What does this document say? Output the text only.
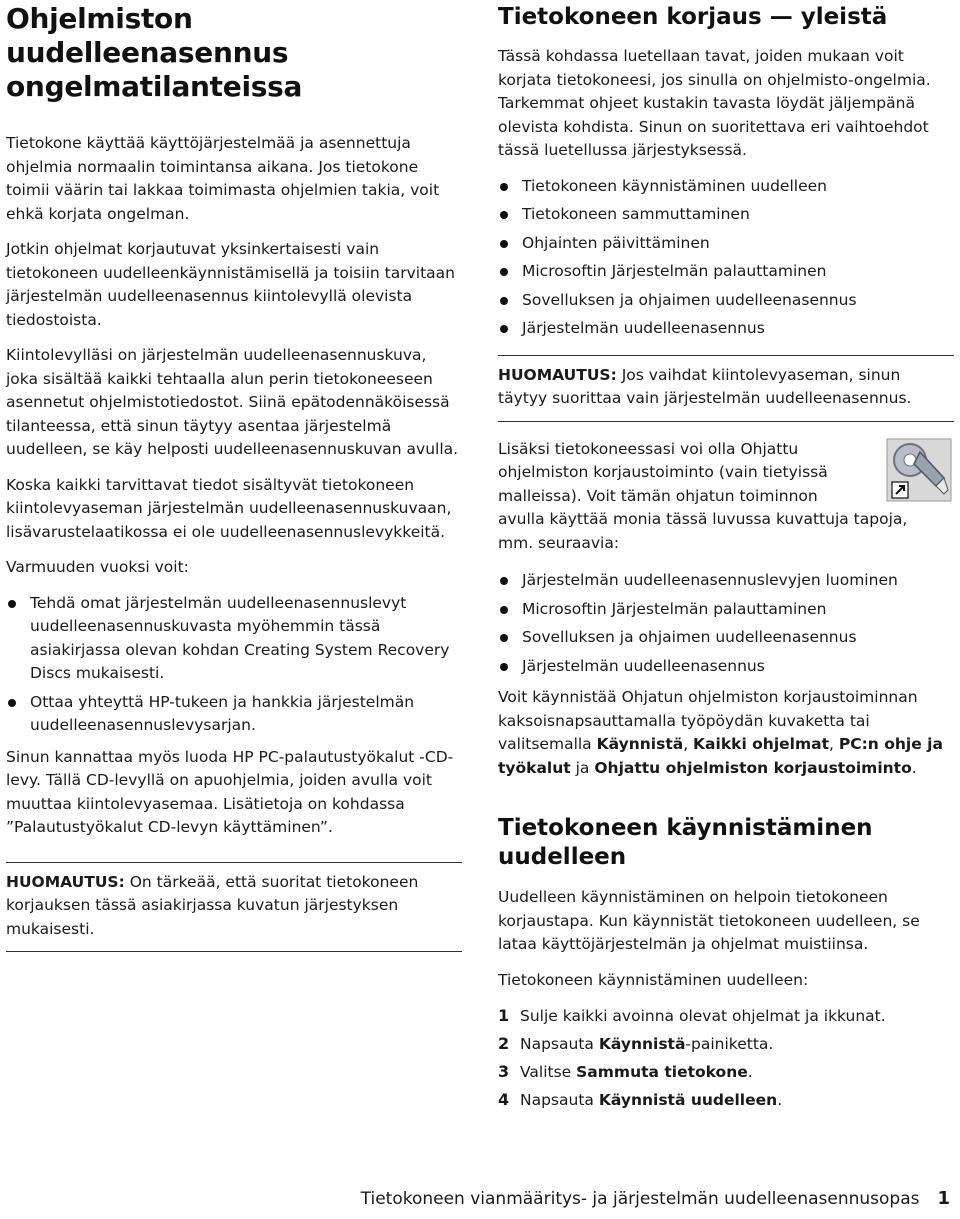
Ohjelmiston
uudelleenasennus
ongelmatilanteissa

Tietokone käyttää käyttöjärjestelmää ja asennettuja ohjelmia normaalin toimintansa aikana. Jos tietokone toimii väärin tai lakkaa toimimasta ohjelmien takia, voit ehkä korjata ongelman.

Jotkin ohjelmat korjautuvat yksinkertaisesti vain tietokoneen uudelleenkäynnistämisellä ja toisiin tarvitaan järjestelmän uudelleenasennus kiintolevyllä olevista tiedostoista.

Kiintolevylläsi on järjestelmän uudelleenasennuskuva, joka sisältää kaikki tehtaalla alun perin tietokoneeseen asennetut ohjelmistotiedostot. Siinä epätodennäköisessä tilanteessa, että sinun täytyy asentaa järjestelmä uudelleen, se käy helposti uudelleenasennuskuvan avulla.

Koska kaikki tarvittavat tiedot sisältyvät tietokoneen kiintolevyaseman järjestelmän uudelleenasennuskuvaan, lisävarustelaatikossa ei ole uudelleenasennuslevykkeitä.

Varmuuden vuoksi voit:

Tehdä omat järjestelmän uudelleenasennuslevyt uudelleenasennuskuvasta myöhemmin tässä asiakirjassa olevan kohdan Creating System Recovery Discs mukaisesti.
Ottaa yhteyttä HP-tukeen ja hankkia järjestelmän uudelleenasennuslevysarjan.

Sinun kannattaa myös luoda HP PC-palautustyökalut -CD-levy. Tällä CD-levyllä on apuohjelmia, joiden avulla voit muuttaa kiintolevyasemaa. Lisätietoja on kohdassa ”Palautustyökalut CD-levyn käyttäminen”.

HUOMAUTUS: On tärkeää, että suoritat tietokoneen korjauksen tässä asiakirjassa kuvatun järjestyksen mukaisesti.

Tietokoneen korjaus — yleistä

Tässä kohdassa luetellaan tavat, joiden mukaan voit korjata tietokoneesi, jos sinulla on ohjelmisto-ongelmia. Tarkemmat ohjeet kustakin tavasta löydät jäljempänä olevista kohdista. Sinun on suoritettava eri vaihtoehdot tässä luetellussa järjestyksessä.

Tietokoneen käynnistäminen uudelleen
Tietokoneen sammuttaminen
Ohjainten päivittäminen
Microsoftin Järjestelmän palauttaminen
Sovelluksen ja ohjaimen uudelleenasennus
Järjestelmän uudelleenasennus

HUOMAUTUS: Jos vaihdat kiintolevyaseman, sinun täytyy suorittaa vain järjestelmän uudelleenasennus.

Lisäksi tietokoneessasi voi olla Ohjattu
ohjelmiston korjaustoiminto (vain tietyissä
malleissa). Voit tämän ohjatun toiminnon
avulla käyttää monia tässä luvussa kuvattuja tapoja,
mm. seuraavia:

Järjestelmän uudelleenasennuslevyjen luominen
Microsoftin Järjestelmän palauttaminen
Sovelluksen ja ohjaimen uudelleenasennus
Järjestelmän uudelleenasennus

Voit käynnistää Ohjatun ohjelmiston korjaustoiminnan kaksoisnapsauttamalla työpöydän kuvaketta tai valitsemalla Käynnistä, Kaikki ohjelmat, PC:n ohje ja työkalut ja Ohjattu ohjelmiston korjaustoiminto.

Tietokoneen käynnistäminen
uudelleen

Uudelleen käynnistäminen on helpoin tietokoneen korjaustapa. Kun käynnistät tietokoneen uudelleen, se lataa käyttöjärjestelmän ja ohjelmat muistiinsa.

Tietokoneen käynnistäminen uudelleen:

1 Sulje kaikki avoinna olevat ohjelmat ja ikkunat.
2 Napsauta Käynnistä-painiketta.
3 Valitse Sammuta tietokone.
4 Napsauta Käynnistä uudelleen.
Tietokoneen vianmääritys- ja järjestelmän uudelleenasennusopas 1
